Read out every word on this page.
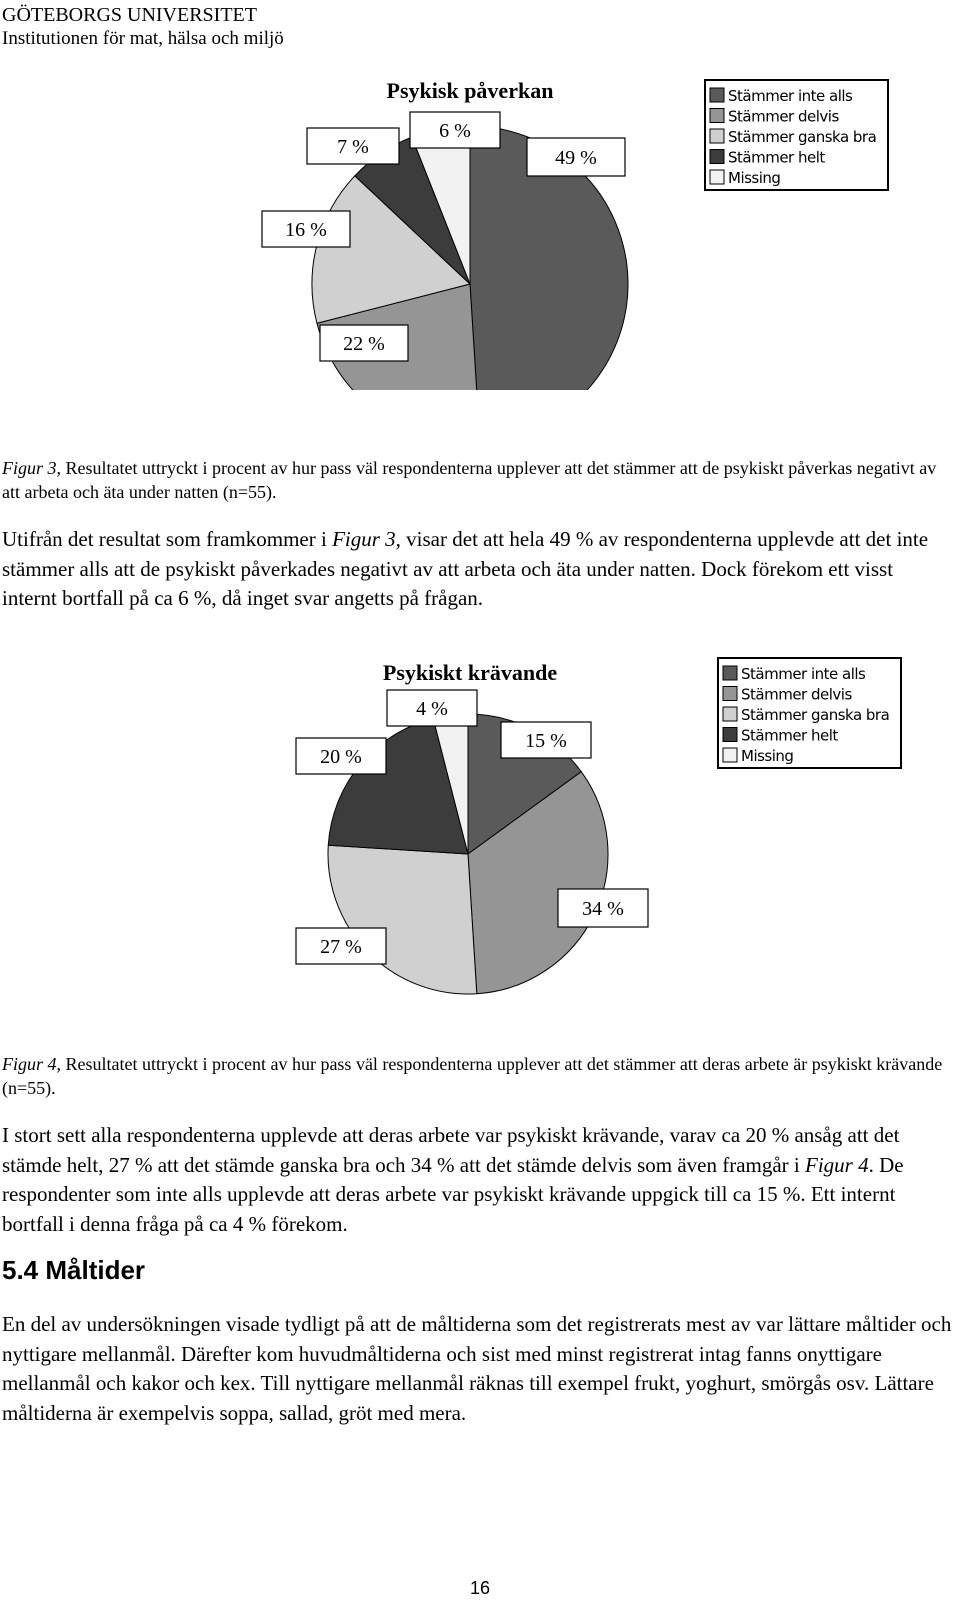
GÖTEBORGS UNIVERSITET
Institutionen för mat, hälsa och miljö
Psykisk påverkan
49 %
22 %
16 %
7 %
6 %
Stämmer inte alls
Stämmer delvis
Stämmer ganska bra
Stämmer helt
Missing
Figur 3, Resultatet uttryckt i procent av hur pass väl respondenterna upplever att det stämmer att de psykiskt påverkas negativt av att arbeta och äta under natten (n=55).
Utifrån det resultat som framkommer i Figur 3, visar det att hela 49 % av respondenterna upplevde att det inte stämmer alls att de psykiskt påverkades negativt av att arbeta och äta under natten. Dock förekom ett visst internt bortfall på ca 6 %, då inget svar angetts på frågan.
Psykiskt krävande
15 %
34 %
27 %
20 %
4 %
Stämmer inte alls
Stämmer delvis
Stämmer ganska bra
Stämmer helt
Missing
Figur 4, Resultatet uttryckt i procent av hur pass väl respondenterna upplever att det stämmer att deras arbete är psykiskt krävande (n=55).
I stort sett alla respondenterna upplevde att deras arbete var psykiskt krävande, varav ca 20 % ansåg att det stämde helt, 27 % att det stämde ganska bra och 34 % att det stämde delvis som även framgår i Figur 4. De respondenter som inte alls upplevde att deras arbete var psykiskt krävande uppgick till ca 15 %. Ett internt bortfall i denna fråga på ca 4 % förekom.
5.4 Måltider
En del av undersökningen visade tydligt på att de måltiderna som det registrerats mest av var lättare måltider och nyttigare mellanmål. Därefter kom huvudmåltiderna och sist med minst registrerat intag fanns onyttigare mellanmål och kakor och kex. Till nyttigare mellanmål räknas till exempel frukt, yoghurt, smörgås osv. Lättare måltiderna är exempelvis soppa, sallad, gröt med mera.
16
